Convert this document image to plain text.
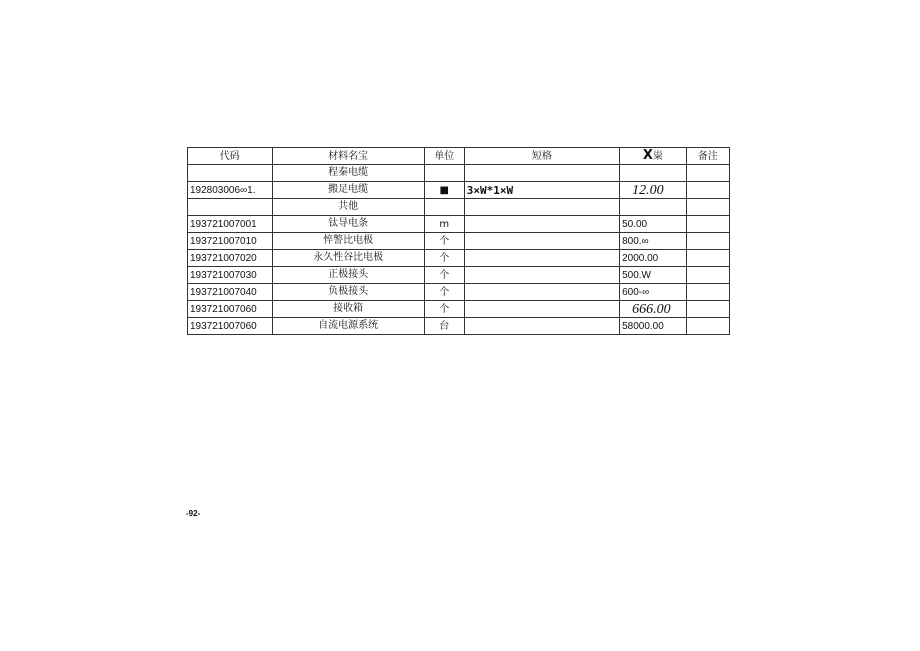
代码	材料名宝	单位	短格	X粜	备注
	程秦电缆				
192803006∞1.	搬足电缆	■	3×W*1×W	12.00	
	共他				
193721007001	钛导电条	m		50.00	
193721007010	悴警比电极	个		800.∞	
193721007020	永久性谷比电极	个		2000.00	
193721007030	正极接头	个		500.W	
193721007040	负极接头	个		600-∞	
193721007060	接收箱	个		666.00	
193721007060	自流电源系统	台		58000.00	
-92-
